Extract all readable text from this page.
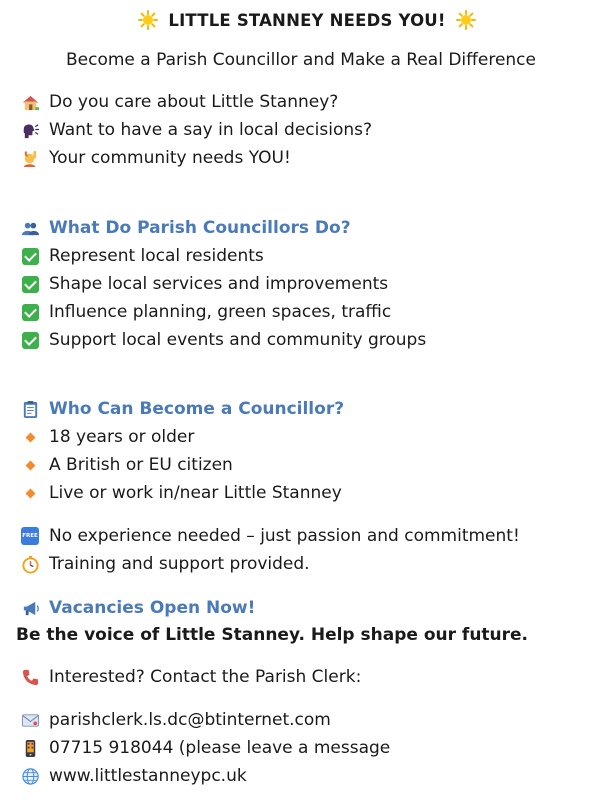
LITTLE STANNEY NEEDS YOU!
Become a Parish Councillor and Make a Real Difference
Do you care about Little Stanney?
Want to have a say in local decisions?
Your community needs YOU!
What Do Parish Councillors Do?
Represent local residents
Shape local services and improvements
Influence planning, green spaces, traffic
Support local events and community groups
Who Can Become a Councillor?
18 years or older
A British or EU citizen
Live or work in/near Little Stanney
FREE No experience needed – just passion and commitment!
Training and support provided.
Vacancies Open Now!
Be the voice of Little Stanney. Help shape our future.
Interested? Contact the Parish Clerk:
parishclerk.ls.dc@btinternet.com
07715 918044 (please leave a message
www.littlestanneypc.uk
